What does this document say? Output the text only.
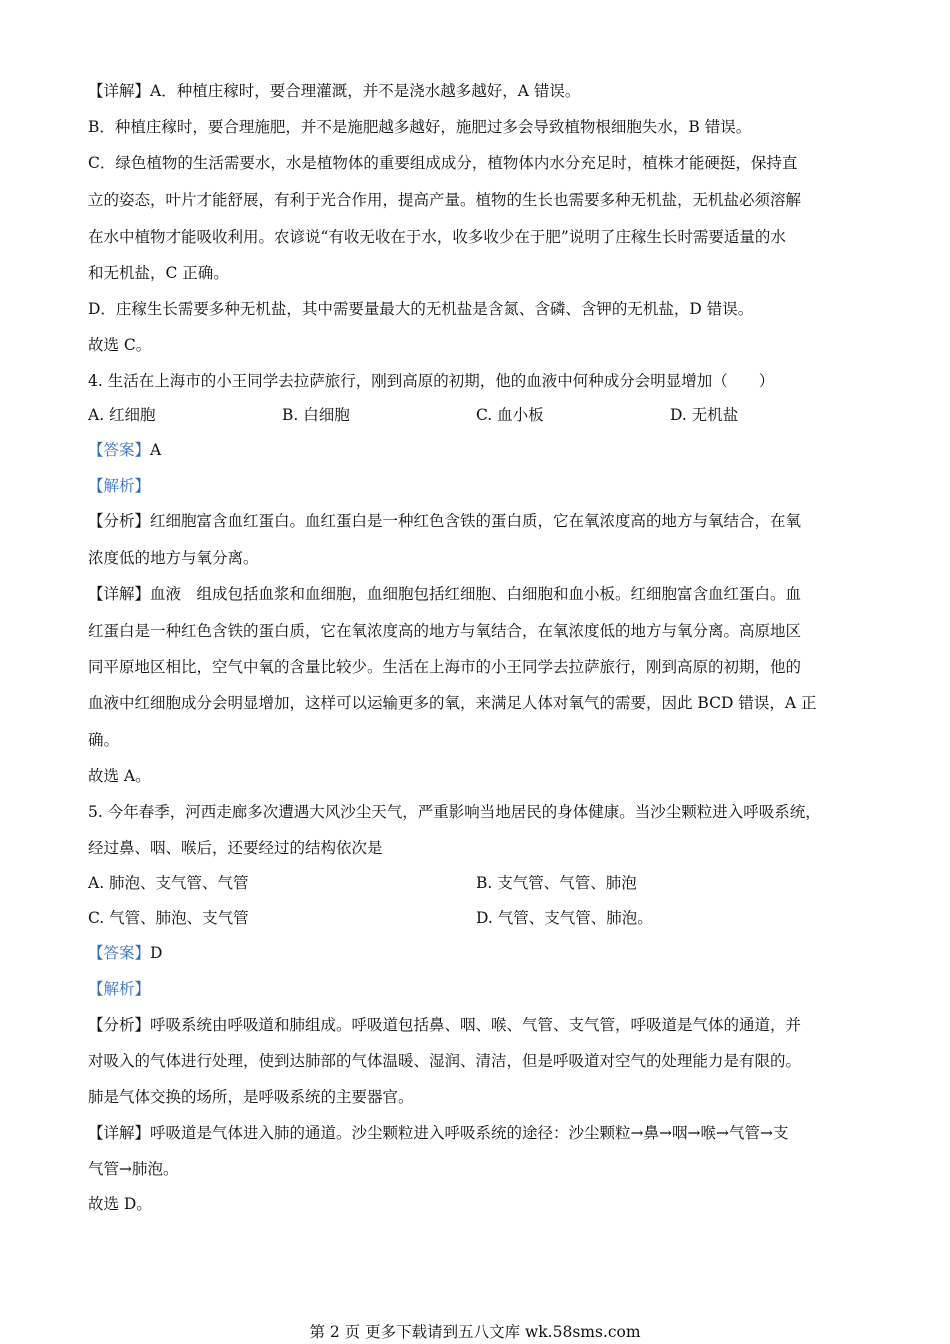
【详解】A．种植庄稼时，要合理灌溉，并不是浇水越多越好，A 错误。
B．种植庄稼时，要合理施肥，并不是施肥越多越好，施肥过多会导致植物根细胞失水，B 错误。
C．绿色植物的生活需要水，水是植物体的重要组成成分，植物体内水分充足时，植株才能硬挺，保持直
立的姿态，叶片才能舒展，有利于光合作用，提高产量。植物的生长也需要多种无机盐，无机盐必须溶解
在水中植物才能吸收利用。农谚说“有收无收在于水，收多收少在于肥”说明了庄稼生长时需要适量的水
和无机盐，C 正确。
D．庄稼生长需要多种无机盐，其中需要量最大的无机盐是含氮、含磷、含钾的无机盐，D 错误。
故选 C。
4. 生活在上海市的小王同学去拉萨旅行，刚到高原的初期，他的血液中何种成分会明显增加（　　）
A. 红细胞	B. 白细胞	C. 血小板	D. 无机盐
【答案】A
【解析】
【分析】红细胞富含血红蛋白。血红蛋白是一种红色含铁的蛋白质，它在氧浓度高的地方与氧结合，在氧
浓度低的地方与氧分离。
【详解】血液　组成包括血浆和血细胞，血细胞包括红细胞、白细胞和血小板。红细胞富含血红蛋白。血
红蛋白是一种红色含铁的蛋白质，它在氧浓度高的地方与氧结合，在氧浓度低的地方与氧分离。高原地区
同平原地区相比，空气中氧的含量比较少。生活在上海市的小王同学去拉萨旅行，刚到高原的初期，他的
血液中红细胞成分会明显增加，这样可以运输更多的氧，来满足人体对氧气的需要，因此 BCD 错误，A 正
确。
故选 A。
5. 今年春季，河西走廊多次遭遇大风沙尘天气，严重影响当地居民的身体健康。当沙尘颗粒进入呼吸系统，
经过鼻、咽、喉后，还要经过的结构依次是
A. 肺泡、支气管、气管	B. 支气管、气管、肺泡
C. 气管、肺泡、支气管	D. 气管、支气管、肺泡。
【答案】D
【解析】
【分析】呼吸系统由呼吸道和肺组成。呼吸道包括鼻、咽、喉、气管、支气管，呼吸道是气体的通道，并
对吸入的气体进行处理，使到达肺部的气体温暖、湿润、清洁，但是呼吸道对空气的处理能力是有限的。
肺是气体交换的场所，是呼吸系统的主要器官。
【详解】呼吸道是气体进入肺的通道。沙尘颗粒进入呼吸系统的途径：沙尘颗粒→鼻→咽→喉→气管→支
气管→肺泡。
故选 D。
第 2 页 更多下载请到五八文库 wk.58sms.com
